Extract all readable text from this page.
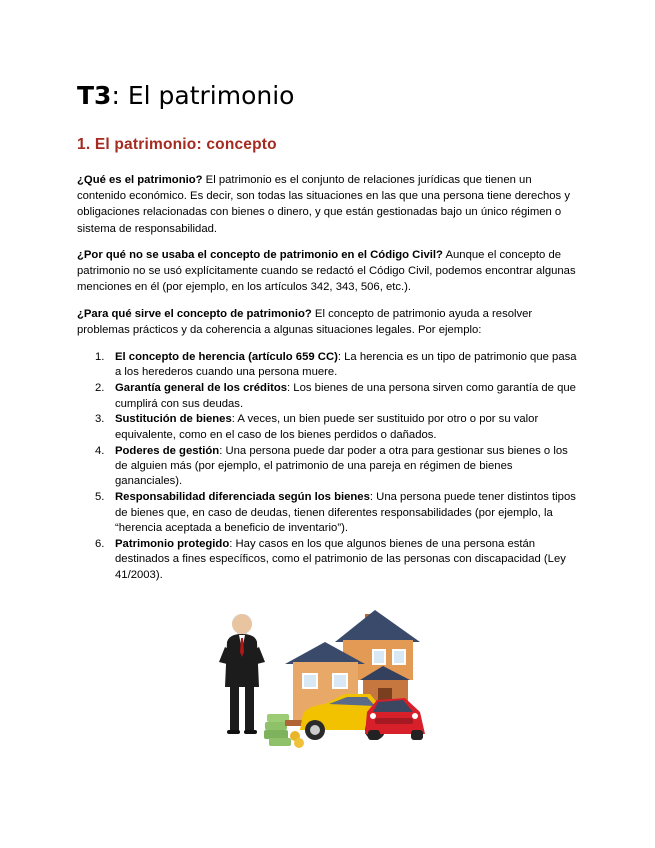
T3: El patrimonio
1. El patrimonio: concepto
¿Qué es el patrimonio? El patrimonio es el conjunto de relaciones jurídicas que tienen un contenido económico. Es decir, son todas las situaciones en las que una persona tiene derechos y obligaciones relacionadas con bienes o dinero, y que están gestionadas bajo un único régimen o sistema de responsabilidad.
¿Por qué no se usaba el concepto de patrimonio en el Código Civil? Aunque el concepto de patrimonio no se usó explícitamente cuando se redactó el Código Civil, podemos encontrar algunas menciones en él (por ejemplo, en los artículos 342, 343, 506, etc.).
¿Para qué sirve el concepto de patrimonio? El concepto de patrimonio ayuda a resolver problemas prácticos y da coherencia a algunas situaciones legales. Por ejemplo:
1. El concepto de herencia (artículo 659 CC): La herencia es un tipo de patrimonio que pasa a los herederos cuando una persona muere.
2. Garantía general de los créditos: Los bienes de una persona sirven como garantía de que cumplirá con sus deudas.
3. Sustitución de bienes: A veces, un bien puede ser sustituido por otro o por su valor equivalente, como en el caso de los bienes perdidos o dañados.
4. Poderes de gestión: Una persona puede dar poder a otra para gestionar sus bienes o los de alguien más (por ejemplo, el patrimonio de una pareja en régimen de bienes gananciales).
5. Responsabilidad diferenciada según los bienes: Una persona puede tener distintos tipos de bienes que, en caso de deudas, tienen diferentes responsabilidades (por ejemplo, la “herencia aceptada a beneficio de inventario”).
6. Patrimonio protegido: Hay casos en los que algunos bienes de una persona están destinados a fines específicos, como el patrimonio de las personas con discapacidad (Ley 41/2003).
